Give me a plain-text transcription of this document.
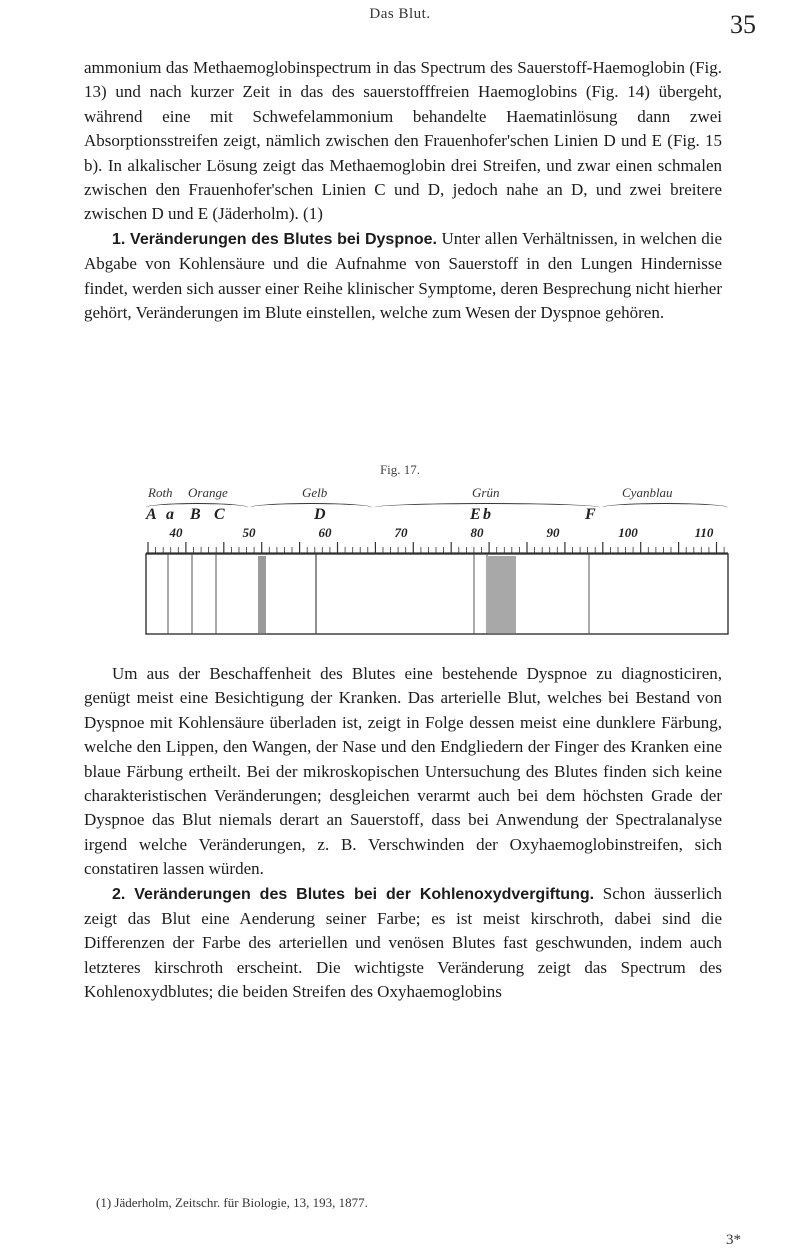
Das Blut.	35

ammonium das Methaemoglobinspectrum in das Spectrum des Sauerstoff-Haemoglobin (Fig. 13) und nach kurzer Zeit in das des sauerstofffreien Haemoglobins (Fig. 14) übergeht, während eine mit Schwefelammonium behandelte Haematinlösung dann zwei Absorptionsstreifen zeigt, nämlich zwischen den Frauenhofer'schen Linien D und E (Fig. 15 b). In alkalischer Lösung zeigt das Methaemoglobin drei Streifen, und zwar einen schmalen zwischen den Frauenhofer'schen Linien C und D, jedoch nahe an D, und zwei breitere zwischen D und E (Jäderholm). (1)

1. Veränderungen des Blutes bei Dyspnoe. Unter allen Verhältnissen, in welchen die Abgabe von Kohlensäure und die Aufnahme von Sauerstoff in den Lungen Hindernisse findet, werden sich ausser einer Reihe klinischer Symptome, deren Besprechung nicht hierher gehört, Veränderungen im Blute einstellen, welche zum Wesen der Dyspnoe gehören.

Fig. 17.
Roth Orange	Gelb	Grün	Cyanblau
A a B C	D	E b	F
40	50	60	70	80	90	100	110

Um aus der Beschaffenheit des Blutes eine bestehende Dyspnoe zu diagnosticiren, genügt meist eine Besichtigung der Kranken. Das arterielle Blut, welches bei Bestand von Dyspnoe mit Kohlensäure überladen ist, zeigt in Folge dessen meist eine dunklere Färbung, welche den Lippen, den Wangen, der Nase und den Endgliedern der Finger des Kranken eine blaue Färbung ertheilt. Bei der mikroskopischen Untersuchung des Blutes finden sich keine charakteristischen Veränderungen; desgleichen verarmt auch bei dem höchsten Grade der Dyspnoe das Blut niemals derart an Sauerstoff, dass bei Anwendung der Spectralanalyse irgend welche Veränderungen, z. B. Verschwinden der Oxyhaemoglobinstreifen, sich constatiren lassen würden.

2. Veränderungen des Blutes bei der Kohlenoxydvergiftung. Schon äusserlich zeigt das Blut eine Aenderung seiner Farbe; es ist meist kirschroth, dabei sind die Differenzen der Farbe des arteriellen und venösen Blutes fast geschwunden, indem auch letzteres kirschroth erscheint. Die wichtigste Veränderung zeigt das Spectrum des Kohlenoxydblutes; die beiden Streifen des Oxyhaemoglobins

(1) Jäderholm, Zeitschr. für Biologie, 13, 193, 1877.
3*
